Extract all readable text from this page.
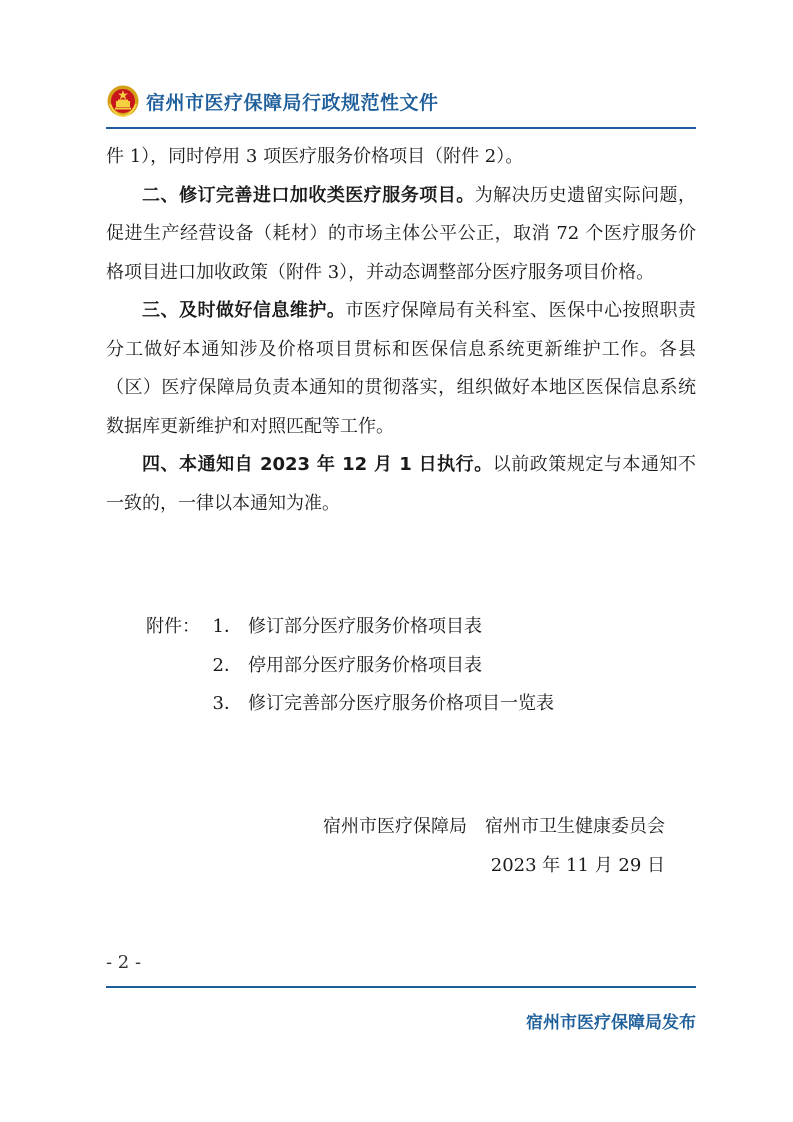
宿州市医疗保障局行政规范性文件

件 1），同时停用 3 项医疗服务价格项目（附件 2）。

二、修订完善进口加收类医疗服务项目。为解决历史遗留实际问题，促进生产经营设备（耗材）的市场主体公平公正，取消 72 个医疗服务价格项目进口加收政策（附件 3），并动态调整部分医疗服务项目价格。

三、及时做好信息维护。市医疗保障局有关科室、医保中心按照职责分工做好本通知涉及价格项目贯标和医保信息系统更新维护工作。各县（区）医疗保障局负责本通知的贯彻落实，组织做好本地区医保信息系统数据库更新维护和对照匹配等工作。

四、本通知自 2023 年 12 月 1 日执行。以前政策规定与本通知不一致的，一律以本通知为准。

附件： 1． 修订部分医疗服务价格项目表
2． 停用部分医疗服务价格项目表
3． 修订完善部分医疗服务价格项目一览表
宿州市医疗保障局　宿州市卫生健康委员会
2023 年 11 月 29 日
- 2 -
宿州市医疗保障局发布
